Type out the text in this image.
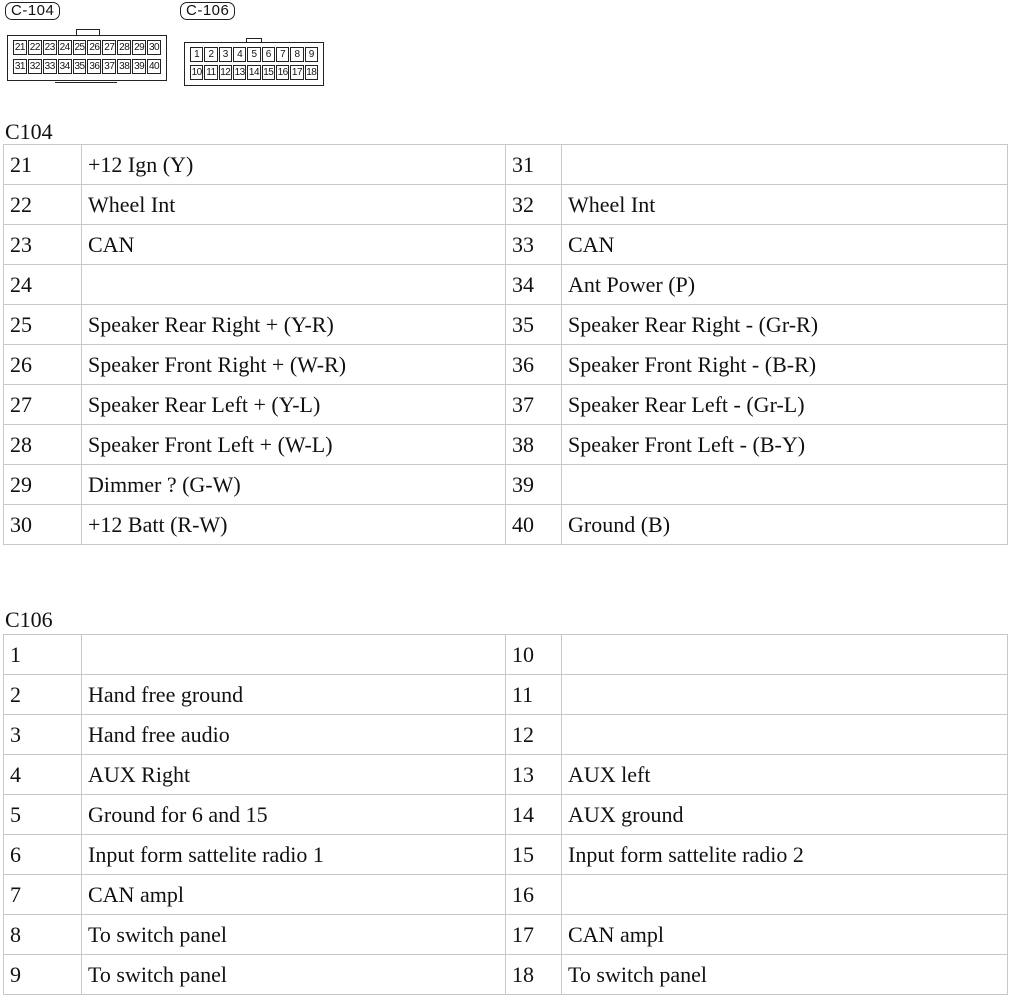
C-104
21 22 23 24 25 26 27 28 29 30
31 32 33 34 35 36 37 38 39 40
C-106
1 2 3 4 5 6 7 8 9
10 11 12 13 14 15 16 17 18
C104
21	+12 Ign (Y)	31	
22	Wheel Int	32	Wheel Int
23	CAN	33	CAN
24		34	Ant Power (P)
25	Speaker Rear Right + (Y-R)	35	Speaker Rear Right - (Gr-R)
26	Speaker Front Right + (W-R)	36	Speaker Front Right - (B-R)
27	Speaker Rear Left + (Y-L)	37	Speaker Rear Left - (Gr-L)
28	Speaker Front Left + (W-L)	38	Speaker Front Left - (B-Y)
29	Dimmer ? (G-W)	39	
30	+12 Batt (R-W)	40	Ground (B)
C106
1		10	
2	Hand free ground	11	
3	Hand free audio	12	
4	AUX Right	13	AUX left
5	Ground for 6 and 15	14	AUX ground
6	Input form sattelite radio 1	15	Input form sattelite radio 2
7	CAN ampl	16	
8	To switch panel	17	CAN ampl
9	To switch panel	18	To switch panel
